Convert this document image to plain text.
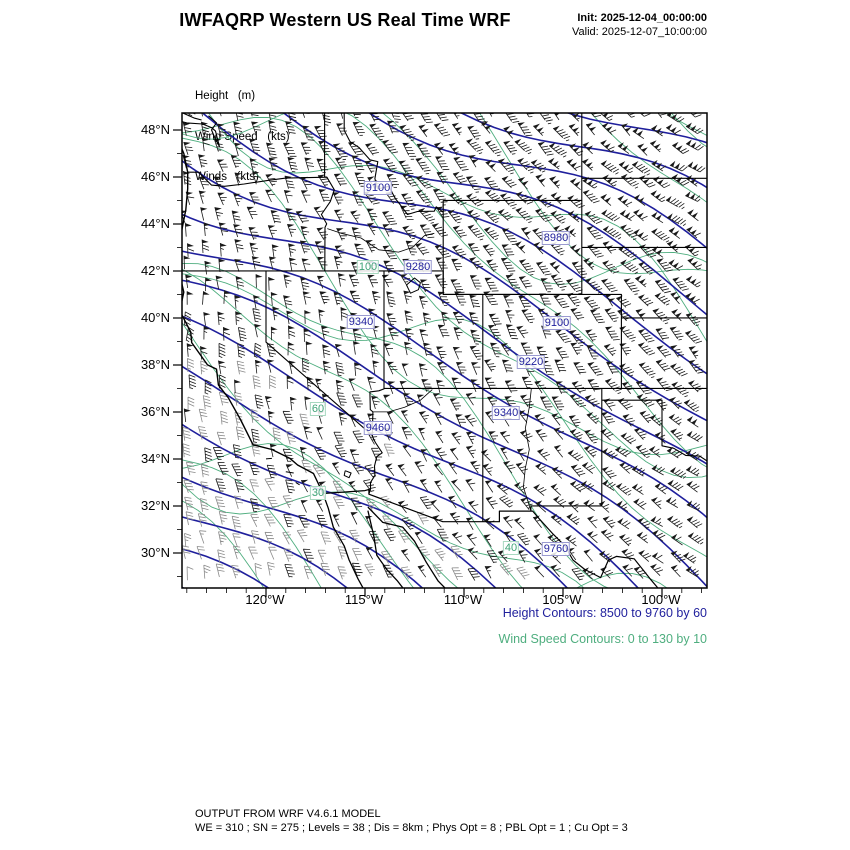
IWFAQRP Western US Real Time WRF	Init: 2025-12-04_00:00:00
Valid: 2025-12-07_10:00:00

Height   (m)

Wind Speed   (kts)

Winds   (kts)

9100
8980
9280
9340	9100
9220
9340
9460
9760
100
60
30
40
48°N
46°N
44°N
42°N
40°N
38°N
36°N
34°N
32°N
30°N
120°W	115°W	110°W	105°W	100°W
Height Contours: 8500 to 9760 by 60
Wind Speed Contours: 0 to 130 by 10
OUTPUT FROM WRF V4.6.1 MODEL
WE = 310 ; SN = 275 ; Levels = 38 ; Dis = 8km ; Phys Opt = 8 ; PBL Opt = 1 ; Cu Opt = 3
